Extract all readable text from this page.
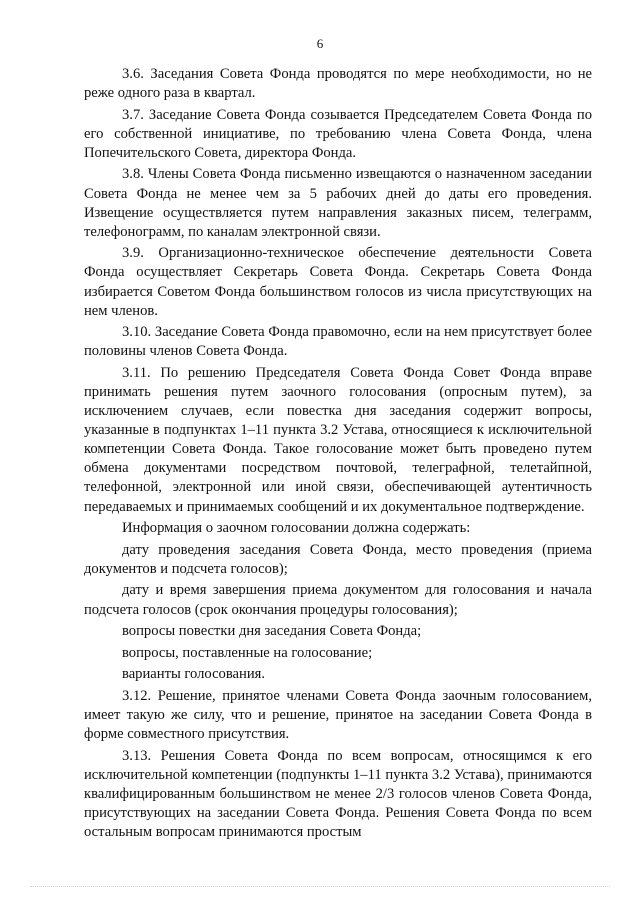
6

3.6. Заседания Совета Фонда проводятся по мере необходимости, но не реже одного раза в квартал.

3.7. Заседание Совета Фонда созывается Председателем Совета Фонда по его собственной инициативе, по требованию члена Совета Фонда, члена Попечительского Совета, директора Фонда.

3.8. Члены Совета Фонда письменно извещаются о назначенном заседании Совета Фонда не менее чем за 5 рабочих дней до даты его проведения. Извещение осуществляется путем направления заказных писем, телеграмм, телефонограмм, по каналам электронной связи.

3.9. Организационно-техническое обеспечение деятельности Совета Фонда осуществляет Секретарь Совета Фонда. Секретарь Совета Фонда избирается Советом Фонда большинством голосов из числа присутствующих на нем членов.

3.10. Заседание Совета Фонда правомочно, если на нем присутствует более половины членов Совета Фонда.

3.11. По решению Председателя Совета Фонда Совет Фонда вправе принимать решения путем заочного голосования (опросным путем), за исключением случаев, если повестка дня заседания содержит вопросы, указанные в подпунктах 1–11 пункта 3.2 Устава, относящиеся к исключительной компетенции Совета Фонда. Такое голосование может быть проведено путем обмена документами посредством почтовой, телеграфной, телетайпной, телефонной, электронной или иной связи, обеспечивающей аутентичность передаваемых и принимаемых сообщений и их документальное подтверждение.

Информация о заочном голосовании должна содержать:

дату проведения заседания Совета Фонда, место проведения (приема документов и подсчета голосов);

дату и время завершения приема документом для голосования и начала подсчета голосов (срок окончания процедуры голосования);

вопросы повестки дня заседания Совета Фонда;

вопросы, поставленные на голосование;

варианты голосования.

3.12. Решение, принятое членами Совета Фонда заочным голосованием, имеет такую же силу, что и решение, принятое на заседании Совета Фонда в форме совместного присутствия.

3.13. Решения Совета Фонда по всем вопросам, относящимся к его исключительной компетенции (подпункты 1–11 пункта 3.2 Устава), принимаются квалифицированным большинством не менее 2/3 голосов членов Совета Фонда, присутствующих на заседании Совета Фонда. Решения Совета Фонда по всем остальным вопросам принимаются простым
